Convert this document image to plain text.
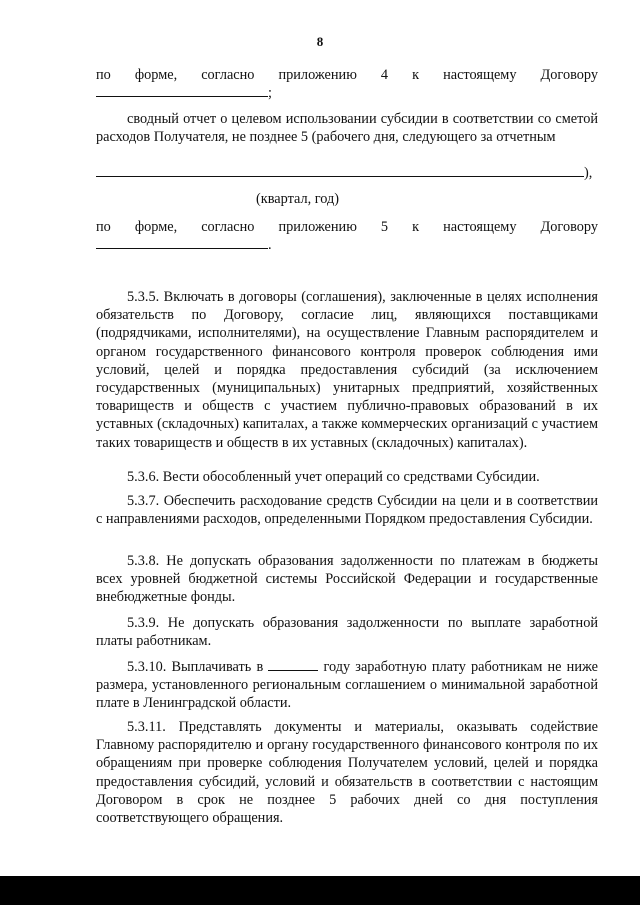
8
по форме, согласно приложению 4 к настоящему Договору
;
сводный отчет о целевом использовании субсидии в соответствии со сметой расходов Получателя, не позднее 5 (рабочего дня, следующего за отчетным
),
(квартал, год)
по форме, согласно приложению 5 к настоящему Договору
.
5.3.5. Включать в договоры (соглашения), заключенные в целях исполнения обязательств по Договору, согласие лиц, являющихся поставщиками (подрядчиками, исполнителями), на осуществление Главным распорядителем и органом государственного финансового контроля проверок соблюдения ими условий, целей и порядка предоставления субсидий (за исключением государственных (муниципальных) унитарных предприятий, хозяйственных товариществ и обществ с участием публично-правовых образований в их уставных (складочных) капиталах, а также коммерческих организаций с участием таких товариществ и обществ в их уставных (складочных) капиталах).
5.3.6. Вести обособленный учет операций со средствами Субсидии.
5.3.7. Обеспечить расходование средств Субсидии на цели и в соответствии с направлениями расходов, определенными Порядком предоставления Субсидии.
5.3.8. Не допускать образования задолженности по платежам в бюджеты всех уровней бюджетной системы Российской Федерации и государственные внебюджетные фонды.
5.3.9. Не допускать образования задолженности по выплате заработной платы работникам.
5.3.10. Выплачивать в	году заработную плату работникам не ниже размера, установленного региональным соглашением о минимальной заработной плате в Ленинградской области.
5.3.11. Представлять документы и материалы, оказывать содействие Главному распорядителю и органу государственного финансового контроля по их обращениям при проверке соблюдения Получателем условий, целей и порядка предоставления субсидий, условий и обязательств в соответствии с настоящим Договором в срок не позднее 5 рабочих дней со дня поступления соответствующего обращения.
